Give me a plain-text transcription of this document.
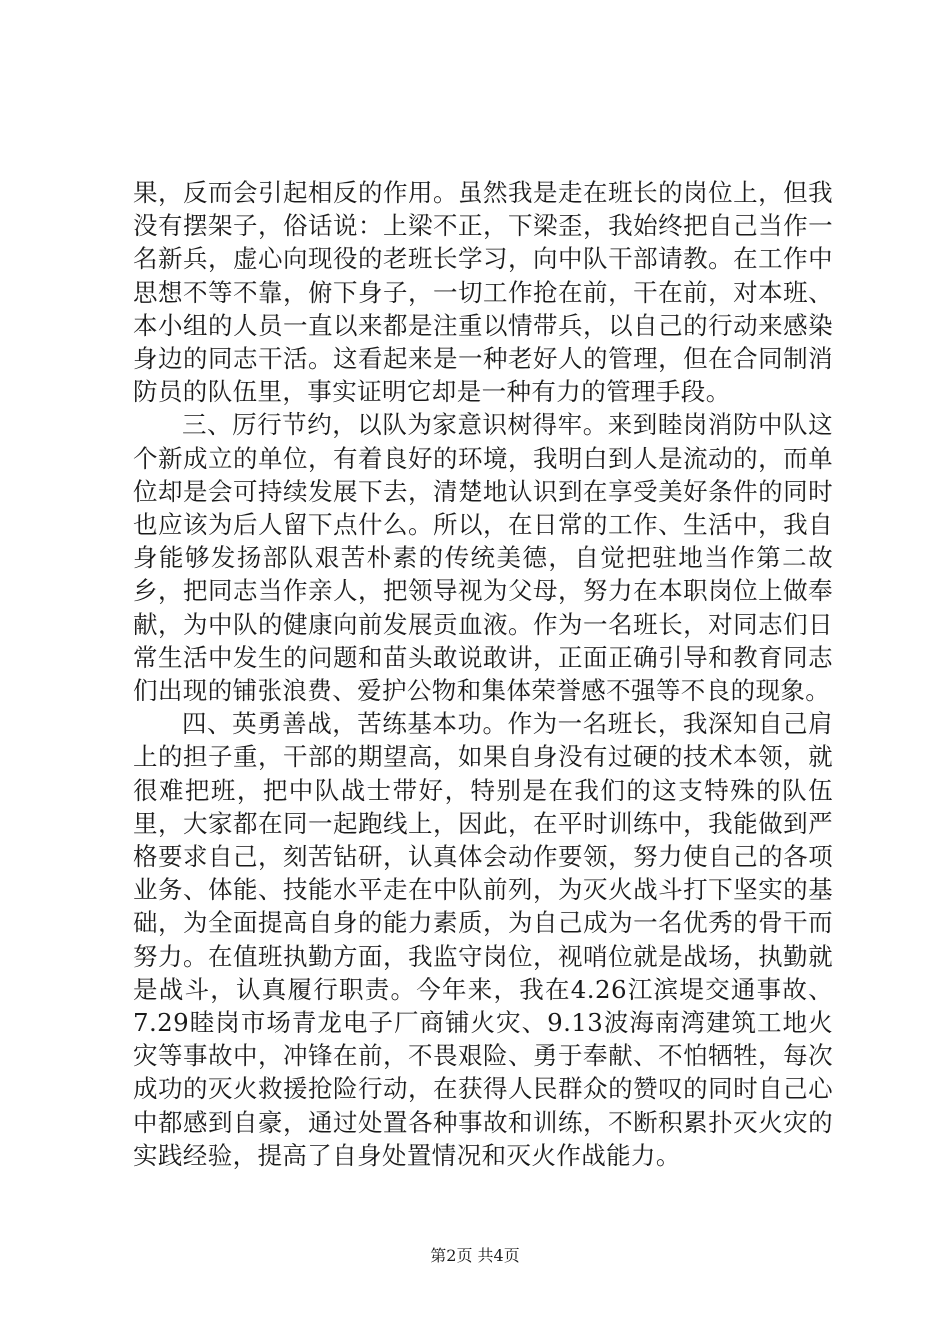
果，反而会引起相反的作用。虽然我是走在班长的岗位上，但我没有摆架子，俗话说：上梁不正，下梁歪，我始终把自己当作一名新兵，虚心向现役的老班长学习，向中队干部请教。在工作中思想不等不靠，俯下身子，一切工作抢在前，干在前，对本班、本小组的人员一直以来都是注重以情带兵，以自己的行动来感染身边的同志干活。这看起来是一种老好人的管理，但在合同制消防员的队伍里，事实证明它却是一种有力的管理手段。

三、厉行节约，以队为家意识树得牢。来到睦岗消防中队这个新成立的单位，有着良好的环境，我明白到人是流动的，而单位却是会可持续发展下去，清楚地认识到在享受美好条件的同时也应该为后人留下点什么。所以，在日常的工作、生活中，我自身能够发扬部队艰苦朴素的传统美德，自觉把驻地当作第二故乡，把同志当作亲人，把领导视为父母，努力在本职岗位上做奉献，为中队的健康向前发展贡血液。作为一名班长，对同志们日常生活中发生的问题和苗头敢说敢讲，正面正确引导和教育同志们出现的铺张浪费、爱护公物和集体荣誉感不强等不良的现象。

四、英勇善战，苦练基本功。作为一名班长，我深知自己肩上的担子重，干部的期望高，如果自身没有过硬的技术本领，就很难把班，把中队战士带好，特别是在我们的这支特殊的队伍里，大家都在同一起跑线上，因此，在平时训练中，我能做到严格要求自己，刻苦钻研，认真体会动作要领，努力使自己的各项业务、体能、技能水平走在中队前列，为灭火战斗打下坚实的基础，为全面提高自身的能力素质，为自己成为一名优秀的骨干而努力。在值班执勤方面，我监守岗位，视哨位就是战场，执勤就是战斗，认真履行职责。今年来，我在4.26江滨堤交通事故、7.29睦岗市场青龙电子厂商铺火灾、9.13波海南湾建筑工地火灾等事故中，冲锋在前，不畏艰险、勇于奉献、不怕牺牲，每次成功的灭火救援抢险行动，在获得人民群众的赞叹的同时自己心中都感到自豪，通过处置各种事故和训练，不断积累扑灭火灾的实践经验，提高了自身处置情况和灭火作战能力。

第2页 共4页
